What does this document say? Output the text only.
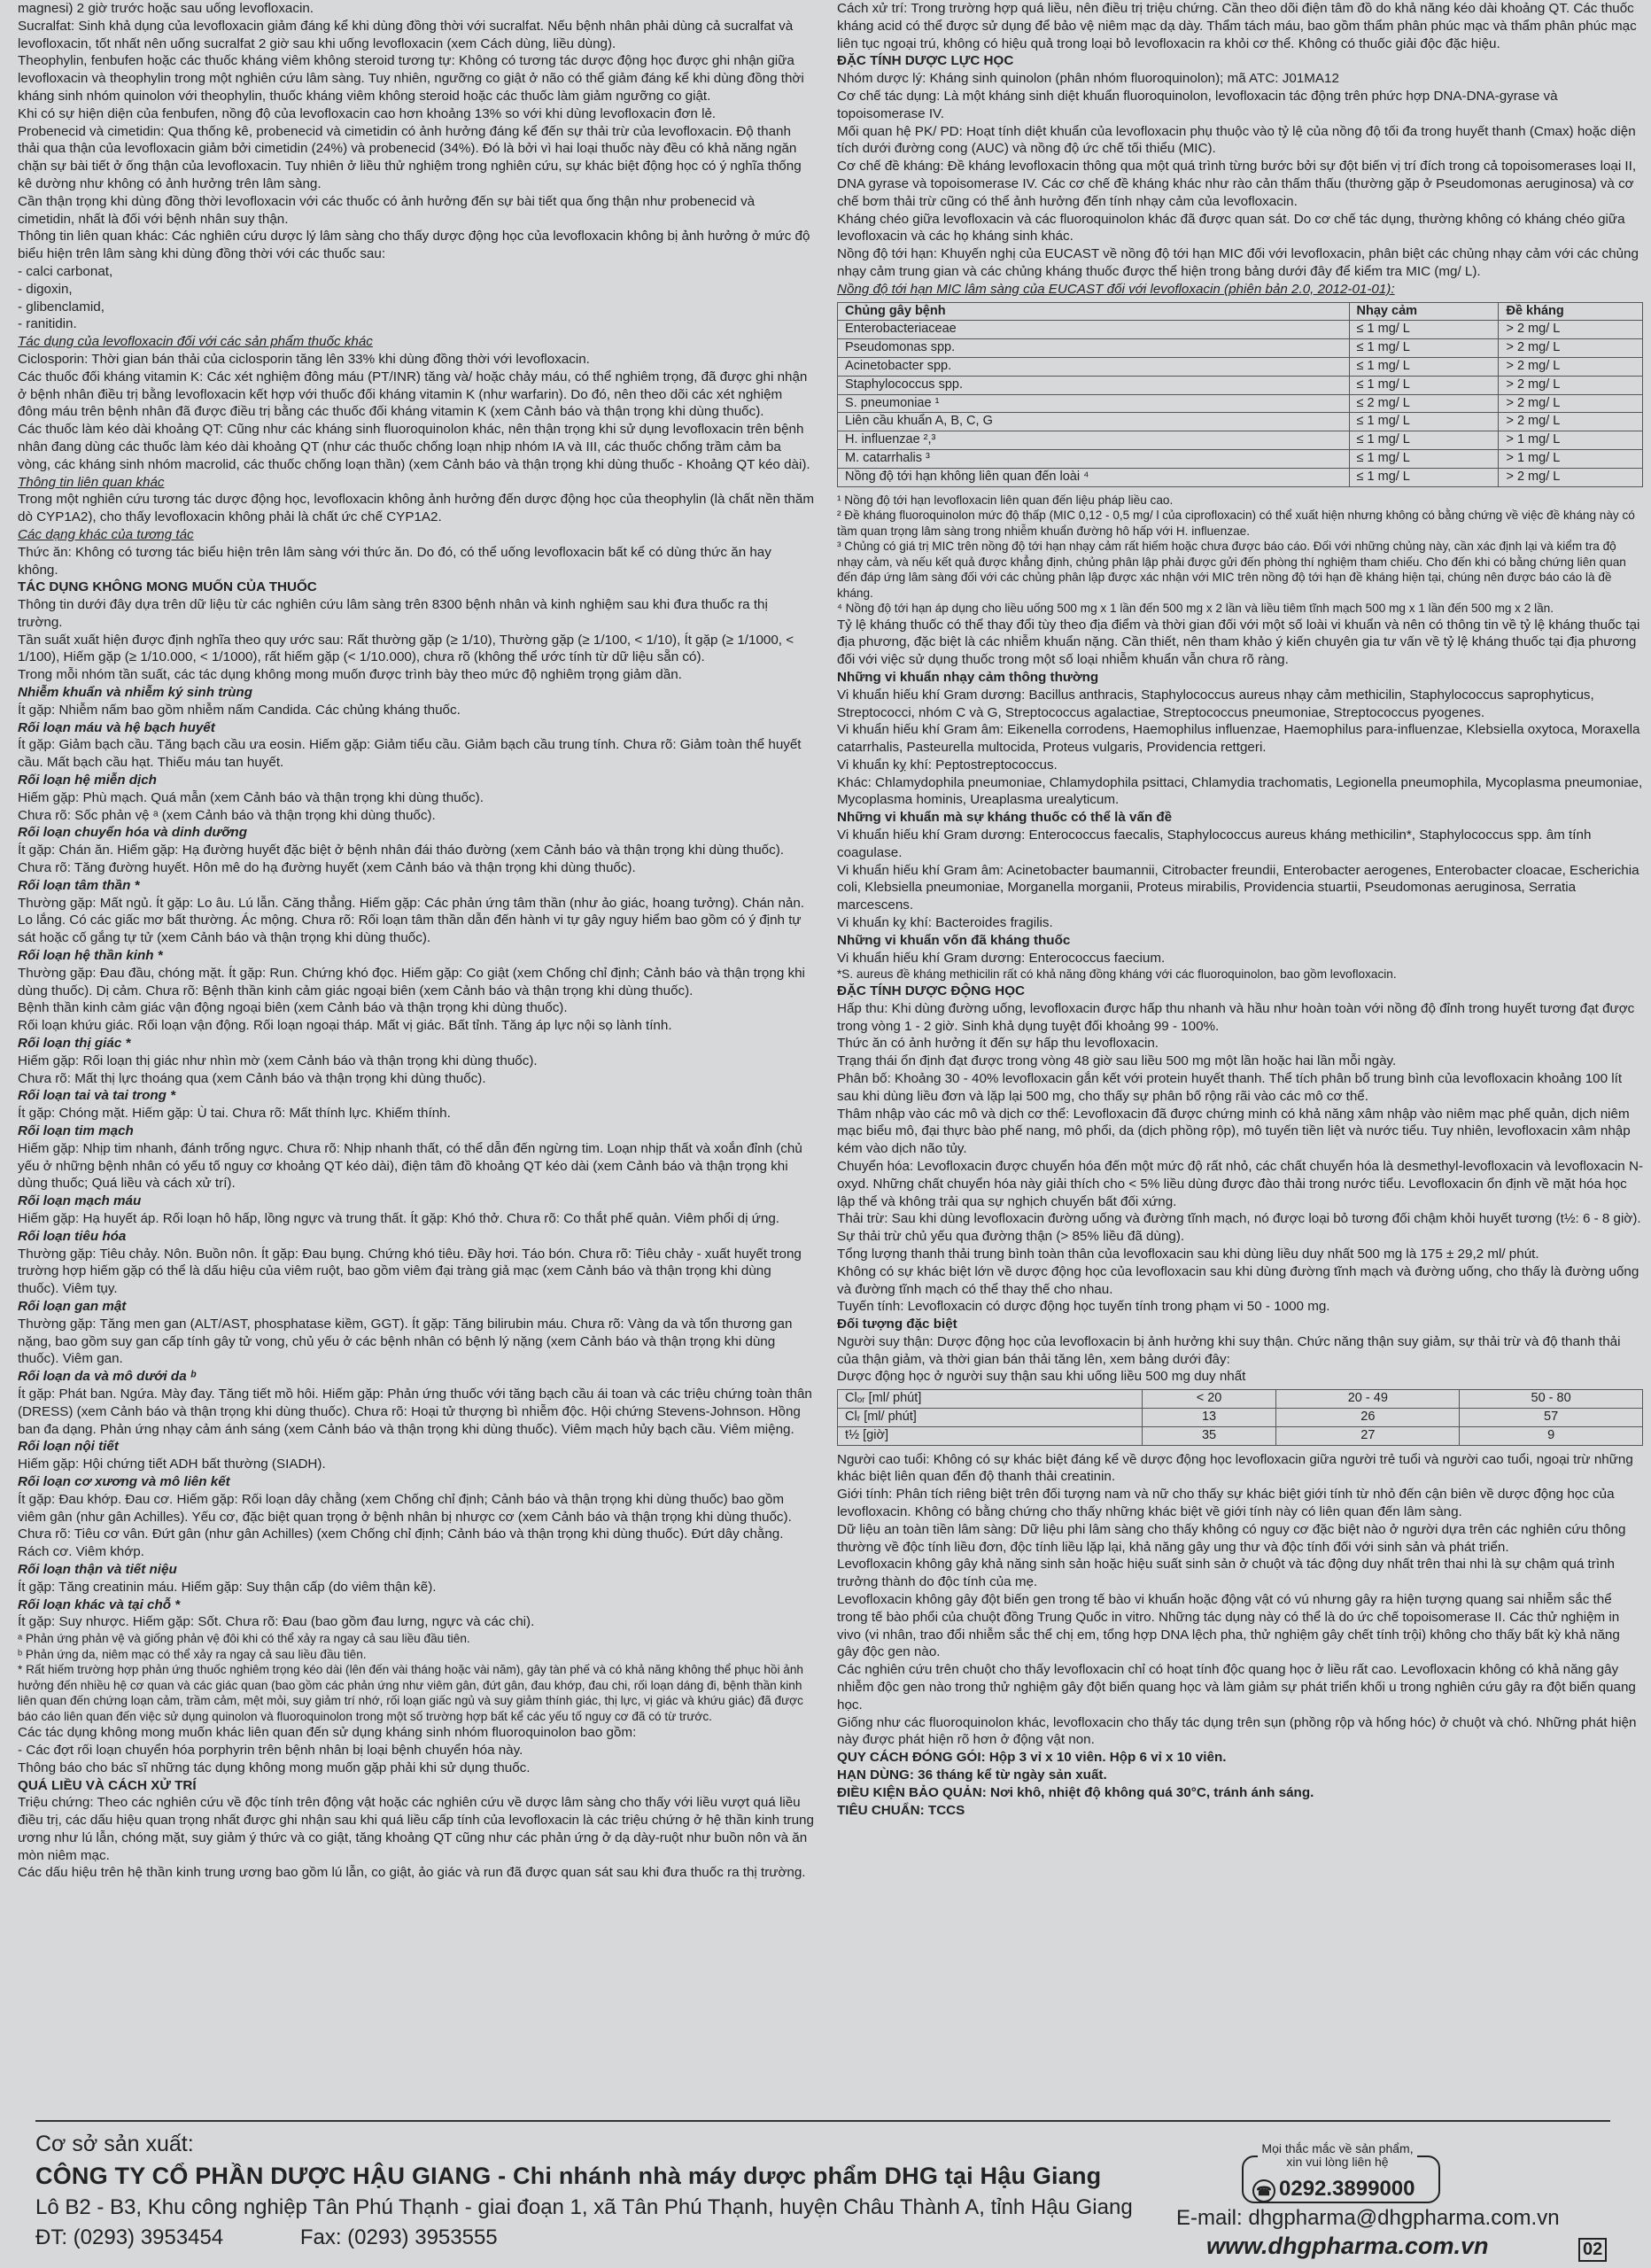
magnesi) 2 giờ trước hoặc sau uống levofloxacin.

Sucralfat: Sinh khả dụng của levofloxacin giảm đáng kể khi dùng đồng thời với sucralfat. Nếu bệnh nhân phải dùng cả sucralfat và levofloxacin, tốt nhất nên uống sucralfat 2 giờ sau khi uống levofloxacin (xem Cách dùng, liều dùng).

Theophylin, fenbufen hoặc các thuốc kháng viêm không steroid tương tự: Không có tương tác dược động học được ghi nhận giữa levofloxacin và theophylin trong một nghiên cứu lâm sàng. Tuy nhiên, ngưỡng co giật ở não có thể giảm đáng kể khi dùng đồng thời kháng sinh nhóm quinolon với theophylin, thuốc kháng viêm không steroid hoặc các thuốc làm giảm ngưỡng co giật.

Khi có sự hiện diện của fenbufen, nồng độ của levofloxacin cao hơn khoảng 13% so với khi dùng levofloxacin đơn lẻ.

Probenecid và cimetidin: Qua thống kê, probenecid và cimetidin có ảnh hưởng đáng kể đến sự thải trừ của levofloxacin. Độ thanh thải qua thận của levofloxacin giảm bởi cimetidin (24%) và probenecid (34%). Đó là bởi vì hai loại thuốc này đều có khả năng ngăn chặn sự bài tiết ở ống thận của levofloxacin. Tuy nhiên ở liều thử nghiệm trong nghiên cứu, sự khác biệt động học có ý nghĩa thống kê dường như không có ảnh hưởng trên lâm sàng.

Cần thận trọng khi dùng đồng thời levofloxacin với các thuốc có ảnh hưởng đến sự bài tiết qua ống thận như probenecid và cimetidin, nhất là đối với bệnh nhân suy thận.

Thông tin liên quan khác: Các nghiên cứu dược lý lâm sàng cho thấy dược động học của levofloxacin không bị ảnh hưởng ở mức độ biểu hiện trên lâm sàng khi dùng đồng thời với các thuốc sau:

- calci carbonat,

- digoxin,

- glibenclamid,

- ranitidin.

Tác dụng của levofloxacin đối với các sản phẩm thuốc khác

Ciclosporin: Thời gian bán thải của ciclosporin tăng lên 33% khi dùng đồng thời với levofloxacin.

Các thuốc đối kháng vitamin K: Các xét nghiệm đông máu (PT/INR) tăng và/ hoặc chảy máu, có thể nghiêm trọng, đã được ghi nhận ở bệnh nhân điều trị bằng levofloxacin kết hợp với thuốc đối kháng vitamin K (như warfarin). Do đó, nên theo dõi các xét nghiệm đông máu trên bệnh nhân đã được điều trị bằng các thuốc đối kháng vitamin K (xem Cảnh báo và thận trọng khi dùng thuốc).

Các thuốc làm kéo dài khoảng QT: Cũng như các kháng sinh fluoroquinolon khác, nên thận trọng khi sử dụng levofloxacin trên bệnh nhân đang dùng các thuốc làm kéo dài khoảng QT (như các thuốc chống loạn nhịp nhóm IA và III, các thuốc chống trầm cảm ba vòng, các kháng sinh nhóm macrolid, các thuốc chống loạn thần) (xem Cảnh báo và thận trọng khi dùng thuốc - Khoảng QT kéo dài).

Thông tin liên quan khác

Trong một nghiên cứu tương tác dược động học, levofloxacin không ảnh hưởng đến dược động học của theophylin (là chất nền thăm dò CYP1A2), cho thấy levofloxacin không phải là chất ức chế CYP1A2.

Các dạng khác của tương tác

Thức ăn: Không có tương tác biểu hiện trên lâm sàng với thức ăn. Do đó, có thể uống levofloxacin bất kể có dùng thức ăn hay không.

TÁC DỤNG KHÔNG MONG MUỐN CỦA THUỐC

Thông tin dưới đây dựa trên dữ liệu từ các nghiên cứu lâm sàng trên 8300 bệnh nhân và kinh nghiệm sau khi đưa thuốc ra thị trường.

Tần suất xuất hiện được định nghĩa theo quy ước sau: Rất thường gặp (≥ 1/10), Thường gặp (≥ 1/100, < 1/10), Ít gặp (≥ 1/1000, < 1/100), Hiếm gặp (≥ 1/10.000, < 1/1000), rất hiếm gặp (< 1/10.000), chưa rõ (không thể ước tính từ dữ liệu sẵn có).

Trong mỗi nhóm tần suất, các tác dụng không mong muốn được trình bày theo mức độ nghiêm trọng giảm dần.

Nhiễm khuẩn và nhiễm ký sinh trùng

Ít gặp: Nhiễm nấm bao gồm nhiễm nấm Candida. Các chủng kháng thuốc.

Rối loạn máu và hệ bạch huyết

Ít gặp: Giảm bạch cầu. Tăng bạch cầu ưa eosin. Hiếm gặp: Giảm tiểu cầu. Giảm bạch cầu trung tính. Chưa rõ: Giảm toàn thể huyết cầu. Mất bạch cầu hạt. Thiếu máu tan huyết.

Rối loạn hệ miễn dịch

Hiếm gặp: Phù mạch. Quá mẫn (xem Cảnh báo và thận trọng khi dùng thuốc).

Chưa rõ: Sốc phản vệ ᵃ (xem Cảnh báo và thận trọng khi dùng thuốc).

Rối loạn chuyển hóa và dinh dưỡng

Ít gặp: Chán ăn. Hiếm gặp: Hạ đường huyết đặc biệt ở bệnh nhân đái tháo đường (xem Cảnh báo và thận trọng khi dùng thuốc). Chưa rõ: Tăng đường huyết. Hôn mê do hạ đường huyết (xem Cảnh báo và thận trọng khi dùng thuốc).

Rối loạn tâm thần *

Thường gặp: Mất ngủ. Ít gặp: Lo âu. Lú lẫn. Căng thẳng. Hiếm gặp: Các phản ứng tâm thần (như ảo giác, hoang tưởng). Chán nản. Lo lắng. Có các giấc mơ bất thường. Ác mộng. Chưa rõ: Rối loạn tâm thần dẫn đến hành vi tự gây nguy hiểm bao gồm có ý định tự sát hoặc cố gắng tự tử (xem Cảnh báo và thận trọng khi dùng thuốc).

Rối loạn hệ thần kinh *

Thường gặp: Đau đầu, chóng mặt. Ít gặp: Run. Chứng khó đọc. Hiếm gặp: Co giật (xem Chống chỉ định; Cảnh báo và thận trọng khi dùng thuốc). Dị cảm. Chưa rõ: Bệnh thần kinh cảm giác ngoại biên (xem Cảnh báo và thận trọng khi dùng thuốc).

Bệnh thần kinh cảm giác vận động ngoại biên (xem Cảnh báo và thận trọng khi dùng thuốc).

Rối loạn khứu giác. Rối loạn vận động. Rối loạn ngoại tháp. Mất vị giác. Bất tỉnh. Tăng áp lực nội sọ lành tính.

Rối loạn thị giác *

Hiếm gặp: Rối loạn thị giác như nhìn mờ (xem Cảnh báo và thận trọng khi dùng thuốc).

Chưa rõ: Mất thị lực thoáng qua (xem Cảnh báo và thận trọng khi dùng thuốc).

Rối loạn tai và tai trong *

Ít gặp: Chóng mặt. Hiếm gặp: Ù tai. Chưa rõ: Mất thính lực. Khiếm thính.

Rối loạn tim mạch

Hiếm gặp: Nhịp tim nhanh, đánh trống ngực. Chưa rõ: Nhịp nhanh thất, có thể dẫn đến ngừng tim. Loạn nhịp thất và xoắn đỉnh (chủ yếu ở những bệnh nhân có yếu tố nguy cơ khoảng QT kéo dài), điện tâm đồ khoảng QT kéo dài (xem Cảnh báo và thận trọng khi dùng thuốc; Quá liều và cách xử trí).

Rối loạn mạch máu

Hiếm gặp: Hạ huyết áp. Rối loạn hô hấp, lồng ngực và trung thất. Ít gặp: Khó thở. Chưa rõ: Co thắt phế quản. Viêm phổi dị ứng.

Rối loạn tiêu hóa

Thường gặp: Tiêu chảy. Nôn. Buồn nôn. Ít gặp: Đau bụng. Chứng khó tiêu. Đầy hơi. Táo bón. Chưa rõ: Tiêu chảy - xuất huyết trong trường hợp hiếm gặp có thể là dấu hiệu của viêm ruột, bao gồm viêm đại tràng giả mạc (xem Cảnh báo và thận trọng khi dùng thuốc). Viêm tụy.

Rối loạn gan mật

Thường gặp: Tăng men gan (ALT/AST, phosphatase kiềm, GGT). Ít gặp: Tăng bilirubin máu. Chưa rõ: Vàng da và tổn thương gan nặng, bao gồm suy gan cấp tính gây tử vong, chủ yếu ở các bệnh nhân có bệnh lý nặng (xem Cảnh báo và thận trọng khi dùng thuốc). Viêm gan.

Rối loạn da và mô dưới da ᵇ

Ít gặp: Phát ban. Ngứa. Mày đay. Tăng tiết mồ hôi. Hiếm gặp: Phản ứng thuốc với tăng bạch cầu ái toan và các triệu chứng toàn thân (DRESS) (xem Cảnh báo và thận trọng khi dùng thuốc). Chưa rõ: Hoại tử thượng bì nhiễm độc. Hội chứng Stevens-Johnson. Hồng ban đa dạng. Phản ứng nhạy cảm ánh sáng (xem Cảnh báo và thận trọng khi dùng thuốc). Viêm mạch hủy bạch cầu. Viêm miệng.

Rối loạn nội tiết

Hiếm gặp: Hội chứng tiết ADH bất thường (SIADH).

Rối loạn cơ xương và mô liên kết

Ít gặp: Đau khớp. Đau cơ. Hiếm gặp: Rối loạn dây chằng (xem Chống chỉ định; Cảnh báo và thận trọng khi dùng thuốc) bao gồm viêm gân (như gân Achilles). Yếu cơ, đặc biệt quan trọng ở bệnh nhân bị nhược cơ (xem Cảnh báo và thận trọng khi dùng thuốc). Chưa rõ: Tiêu cơ vân. Đứt gân (như gân Achilles) (xem Chống chỉ định; Cảnh báo và thận trọng khi dùng thuốc). Đứt dây chằng. Rách cơ. Viêm khớp.

Rối loạn thận và tiết niệu

Ít gặp: Tăng creatinin máu. Hiếm gặp: Suy thận cấp (do viêm thận kẽ).

Rối loạn khác và tại chỗ *

Ít gặp: Suy nhược. Hiếm gặp: Sốt. Chưa rõ: Đau (bao gồm đau lưng, ngực và các chi).

ᵃ Phản ứng phản vệ và giống phản vệ đôi khi có thể xảy ra ngay cả sau liều đầu tiên.

ᵇ Phản ứng da, niêm mạc có thể xảy ra ngay cả sau liều đầu tiên.

* Rất hiếm trường hợp phản ứng thuốc nghiêm trọng kéo dài (lên đến vài tháng hoặc vài năm), gây tàn phế và có khả năng không thể phục hồi ảnh hưởng đến nhiều hệ cơ quan và các giác quan (bao gồm các phản ứng như viêm gân, đứt gân, đau khớp, đau chi, rối loạn dáng đi, bệnh thần kinh liên quan đến chứng loạn cảm, trầm cảm, mệt mỏi, suy giảm trí nhớ, rối loạn giấc ngủ và suy giảm thính giác, thị lực, vị giác và khứu giác) đã được báo cáo liên quan đến việc sử dụng quinolon và fluoroquinolon trong một số trường hợp bất kể các yếu tố nguy cơ đã có từ trước.

Các tác dụng không mong muốn khác liên quan đến sử dụng kháng sinh nhóm fluoroquinolon bao gồm:

- Các đợt rối loạn chuyển hóa porphyrin trên bệnh nhân bị loại bệnh chuyển hóa này.

Thông báo cho bác sĩ những tác dụng không mong muốn gặp phải khi sử dụng thuốc.

QUÁ LIỀU VÀ CÁCH XỬ TRÍ

Triệu chứng: Theo các nghiên cứu về độc tính trên động vật hoặc các nghiên cứu về dược lâm sàng cho thấy với liều vượt quá liều điều trị, các dấu hiệu quan trọng nhất được ghi nhận sau khi quá liều cấp tính của levofloxacin là các triệu chứng ở hệ thần kinh trung ương như lú lẫn, chóng mặt, suy giảm ý thức và co giật, tăng khoảng QT cũng như các phản ứng ở dạ dày-ruột như buồn nôn và ăn mòn niêm mạc.

Các dấu hiệu trên hệ thần kinh trung ương bao gồm lú lẫn, co giật, ảo giác và run đã được quan sát sau khi đưa thuốc ra thị trường.

Cách xử trí: Trong trường hợp quá liều, nên điều trị triệu chứng. Cần theo dõi điện tâm đồ do khả năng kéo dài khoảng QT. Các thuốc kháng acid có thể được sử dụng để bảo vệ niêm mạc dạ dày. Thẩm tách máu, bao gồm thẩm phân phúc mạc và thẩm phân phúc mạc liên tục ngoại trú, không có hiệu quả trong loại bỏ levofloxacin ra khỏi cơ thể. Không có thuốc giải độc đặc hiệu.

ĐẶC TÍNH DƯỢC LỰC HỌC

Nhóm dược lý: Kháng sinh quinolon (phân nhóm fluoroquinolon); mã ATC: J01MA12

Cơ chế tác dụng: Là một kháng sinh diệt khuẩn fluoroquinolon, levofloxacin tác động trên phức hợp DNA-DNA-gyrase và topoisomerase IV.

Mối quan hệ PK/ PD: Hoạt tính diệt khuẩn của levofloxacin phụ thuộc vào tỷ lệ của nồng độ tối đa trong huyết thanh (Cmax) hoặc diện tích dưới đường cong (AUC) và nồng độ ức chế tối thiểu (MIC).

Cơ chế đề kháng: Đề kháng levofloxacin thông qua một quá trình từng bước bởi sự đột biến vị trí đích trong cả topoisomerases loại II, DNA gyrase và topoisomerase IV. Các cơ chế đề kháng khác như rào cản thấm thấu (thường gặp ở Pseudomonas aeruginosa) và cơ chế bơm thải trừ cũng có thể ảnh hưởng đến tính nhạy cảm của levofloxacin.

Kháng chéo giữa levofloxacin và các fluoroquinolon khác đã được quan sát. Do cơ chế tác dụng, thường không có kháng chéo giữa levofloxacin và các họ kháng sinh khác.

Nồng độ tới hạn: Khuyến nghị của EUCAST về nồng độ tới hạn MIC đối với levofloxacin, phân biệt các chủng nhạy cảm với các chủng nhạy cảm trung gian và các chủng kháng thuốc được thể hiện trong bảng dưới đây để kiểm tra MIC (mg/ L).

Nồng độ tới hạn MIC lâm sàng của EUCAST đối với levofloxacin (phiên bản 2.0, 2012-01-01):

Chủng gây bệnh	Nhạy cảm	Đề kháng
Enterobacteriaceae	≤ 1 mg/ L	> 2 mg/ L
Pseudomonas spp.	≤ 1 mg/ L	> 2 mg/ L
Acinetobacter spp.	≤ 1 mg/ L	> 2 mg/ L
Staphylococcus spp.	≤ 1 mg/ L	> 2 mg/ L
S. pneumoniae ¹	≤ 2 mg/ L	> 2 mg/ L
Liên cầu khuẩn A, B, C, G	≤ 1 mg/ L	> 2 mg/ L
H. influenzae ²,³	≤ 1 mg/ L	> 1 mg/ L
M. catarrhalis ³	≤ 1 mg/ L	> 1 mg/ L
Nồng độ tới hạn không liên quan đến loài ⁴	≤ 1 mg/ L	> 2 mg/ L

¹ Nồng độ tới hạn levofloxacin liên quan đến liệu pháp liều cao.

² Đề kháng fluoroquinolon mức độ thấp (MIC 0,12 - 0,5 mg/ l của ciprofloxacin) có thể xuất hiện nhưng không có bằng chứng về việc đề kháng này có tầm quan trọng lâm sàng trong nhiễm khuẩn đường hô hấp với H. influenzae.

³ Chủng có giá trị MIC trên nồng độ tới hạn nhạy cảm rất hiếm hoặc chưa được báo cáo. Đối với những chủng này, cần xác định lại và kiểm tra độ nhạy cảm, và nếu kết quả được khẳng định, chủng phân lập phải được gửi đến phòng thí nghiệm tham chiếu. Cho đến khi có bằng chứng liên quan đến đáp ứng lâm sàng đối với các chủng phân lập được xác nhận với MIC trên nồng độ tới hạn đề kháng hiện tại, chúng nên được báo cáo là đề kháng.

⁴ Nồng độ tới hạn áp dụng cho liều uống 500 mg x 1 lần đến 500 mg x 2 lần và liều tiêm tĩnh mạch 500 mg x 1 lần đến 500 mg x 2 lần.

Tỷ lệ kháng thuốc có thể thay đổi tùy theo địa điểm và thời gian đối với một số loài vi khuẩn và nên có thông tin về tỷ lệ kháng thuốc tại địa phương, đặc biệt là các nhiễm khuẩn nặng. Cần thiết, nên tham khảo ý kiến chuyên gia tư vấn về tỷ lệ kháng thuốc tại địa phương đối với việc sử dụng thuốc trong một số loại nhiễm khuẩn vẫn chưa rõ ràng.

Những vi khuẩn nhạy cảm thông thường

Vi khuẩn hiếu khí Gram dương: Bacillus anthracis, Staphylococcus aureus nhạy cảm methicilin, Staphylococcus saprophyticus, Streptococci, nhóm C và G, Streptococcus agalactiae, Streptococcus pneumoniae, Streptococcus pyogenes.

Vi khuẩn hiếu khí Gram âm: Eikenella corrodens, Haemophilus influenzae, Haemophilus para-influenzae, Klebsiella oxytoca, Moraxella catarrhalis, Pasteurella multocida, Proteus vulgaris, Providencia rettgeri.

Vi khuẩn kỵ khí: Peptostreptococcus.

Khác: Chlamydophila pneumoniae, Chlamydophila psittaci, Chlamydia trachomatis, Legionella pneumophila, Mycoplasma pneumoniae, Mycoplasma hominis, Ureaplasma urealyticum.

Những vi khuẩn mà sự kháng thuốc có thể là vấn đề

Vi khuẩn hiếu khí Gram dương: Enterococcus faecalis, Staphylococcus aureus kháng methicilin*, Staphylococcus spp. âm tính coagulase.

Vi khuẩn hiếu khí Gram âm: Acinetobacter baumannii, Citrobacter freundii, Enterobacter aerogenes, Enterobacter cloacae, Escherichia coli, Klebsiella pneumoniae, Morganella morganii, Proteus mirabilis, Providencia stuartii, Pseudomonas aeruginosa, Serratia marcescens.

Vi khuẩn kỵ khí: Bacteroides fragilis.

Những vi khuẩn vốn đã kháng thuốc

Vi khuẩn hiếu khí Gram dương: Enterococcus faecium.

*S. aureus đề kháng methicilin rất có khả năng đồng kháng với các fluoroquinolon, bao gồm levofloxacin.

ĐẶC TÍNH DƯỢC ĐỘNG HỌC

Hấp thu: Khi dùng đường uống, levofloxacin được hấp thu nhanh và hầu như hoàn toàn với nồng độ đỉnh trong huyết tương đạt được trong vòng 1 - 2 giờ. Sinh khả dụng tuyệt đối khoảng 99 - 100%.

Thức ăn có ảnh hưởng ít đến sự hấp thu levofloxacin.

Trạng thái ổn định đạt được trong vòng 48 giờ sau liều 500 mg một lần hoặc hai lần mỗi ngày.

Phân bố: Khoảng 30 - 40% levofloxacin gắn kết với protein huyết thanh. Thể tích phân bố trung bình của levofloxacin khoảng 100 lít sau khi dùng liều đơn và lặp lại 500 mg, cho thấy sự phân bố rộng rãi vào các mô cơ thể.

Thâm nhập vào các mô và dịch cơ thể: Levofloxacin đã được chứng minh có khả năng xâm nhập vào niêm mạc phế quản, dịch niêm mạc biểu mô, đại thực bào phế nang, mô phổi, da (dịch phồng rộp), mô tuyến tiền liệt và nước tiểu. Tuy nhiên, levofloxacin xâm nhập kém vào dịch não tủy.

Chuyển hóa: Levofloxacin được chuyển hóa đến một mức độ rất nhỏ, các chất chuyển hóa là desmethyl-levofloxacin và levofloxacin N-oxyd. Những chất chuyển hóa này giải thích cho < 5% liều dùng được đào thải trong nước tiểu. Levofloxacin ổn định về mặt hóa học lập thể và không trải qua sự nghịch chuyển bất đối xứng.

Thải trừ: Sau khi dùng levofloxacin đường uống và đường tĩnh mạch, nó được loại bỏ tương đối chậm khỏi huyết tương (t½: 6 - 8 giờ). Sự thải trừ chủ yếu qua đường thận (> 85% liều đã dùng).

Tổng lượng thanh thải trung bình toàn thân của levofloxacin sau khi dùng liều duy nhất 500 mg là 175 ± 29,2 ml/ phút.

Không có sự khác biệt lớn về dược động học của levofloxacin sau khi dùng đường tĩnh mạch và đường uống, cho thấy là đường uống và đường tĩnh mạch có thể thay thế cho nhau.

Tuyến tính: Levofloxacin có dược động học tuyến tính trong phạm vi 50 - 1000 mg.

Đối tượng đặc biệt

Người suy thận: Dược động học của levofloxacin bị ảnh hưởng khi suy thận. Chức năng thận suy giảm, sự thải trừ và độ thanh thải của thận giảm, và thời gian bán thải tăng lên, xem bảng dưới đây:

Dược động học ở người suy thận sau khi uống liều 500 mg duy nhất

Clₒᵣ [ml/ phút]	< 20	20 - 49	50 - 80
Clᵣ [ml/ phút]	13	26	57
t½ [giờ]	35	27	9

Người cao tuổi: Không có sự khác biệt đáng kể về dược động học levofloxacin giữa người trẻ tuổi và người cao tuổi, ngoại trừ những khác biệt liên quan đến độ thanh thải creatinin.

Giới tính: Phân tích riêng biệt trên đối tượng nam và nữ cho thấy sự khác biệt giới tính từ nhỏ đến cận biên về dược động học của levofloxacin. Không có bằng chứng cho thấy những khác biệt về giới tính này có liên quan đến lâm sàng.

Dữ liệu an toàn tiền lâm sàng: Dữ liệu phi lâm sàng cho thấy không có nguy cơ đặc biệt nào ở người dựa trên các nghiên cứu thông thường về độc tính liều đơn, độc tính liều lặp lại, khả năng gây ung thư và độc tính đối với sinh sản và phát triển.

Levofloxacin không gây khả năng sinh sản hoặc hiệu suất sinh sản ở chuột và tác động duy nhất trên thai nhi là sự chậm quá trình trưởng thành do độc tính của mẹ.

Levofloxacin không gây đột biến gen trong tế bào vi khuẩn hoặc động vật có vú nhưng gây ra hiện tượng quang sai nhiễm sắc thể trong tế bào phổi của chuột đồng Trung Quốc in vitro. Những tác dụng này có thể là do ức chế topoisomerase II. Các thử nghiệm in vivo (vi nhân, trao đổi nhiễm sắc thể chị em, tổng hợp DNA lệch pha, thử nghiệm gây chết tính trội) không cho thấy bất kỳ khả năng gây độc gen nào.

Các nghiên cứu trên chuột cho thấy levofloxacin chỉ có hoạt tính độc quang học ở liều rất cao. Levofloxacin không có khả năng gây nhiễm độc gen nào trong thử nghiệm gây đột biến quang học và làm giảm sự phát triển khối u trong nghiên cứu gây ra đột biến quang học.

Giống như các fluoroquinolon khác, levofloxacin cho thấy tác dụng trên sụn (phồng rộp và hổng hóc) ở chuột và chó. Những phát hiện này được phát hiện rõ hơn ở động vật non.

QUY CÁCH ĐÓNG GÓI: Hộp 3 vỉ x 10 viên. Hộp 6 vỉ x 10 viên.

HẠN DÙNG: 36 tháng kể từ ngày sản xuất.

ĐIỀU KIỆN BẢO QUẢN: Nơi khô, nhiệt độ không quá 30°C, tránh ánh sáng.

TIÊU CHUẨN: TCCS

Cơ sở sản xuất:
CÔNG TY CỔ PHẦN DƯỢC HẬU GIANG - Chi nhánh nhà máy dược phẩm DHG tại Hậu Giang
Lô B2 - B3, Khu công nghiệp Tân Phú Thạnh - giai đoạn 1, xã Tân Phú Thạnh, huyện Châu Thành A, tỉnh Hậu Giang
ĐT: (0293) 3953454	Fax: (0293) 3953555
Mọi thắc mắc về sản phẩm, xin vui lòng liên hệ
☎ 0292.3899000
E-mail: dhgpharma@dhgpharma.com.vn
www.dhgpharma.com.vn	02
